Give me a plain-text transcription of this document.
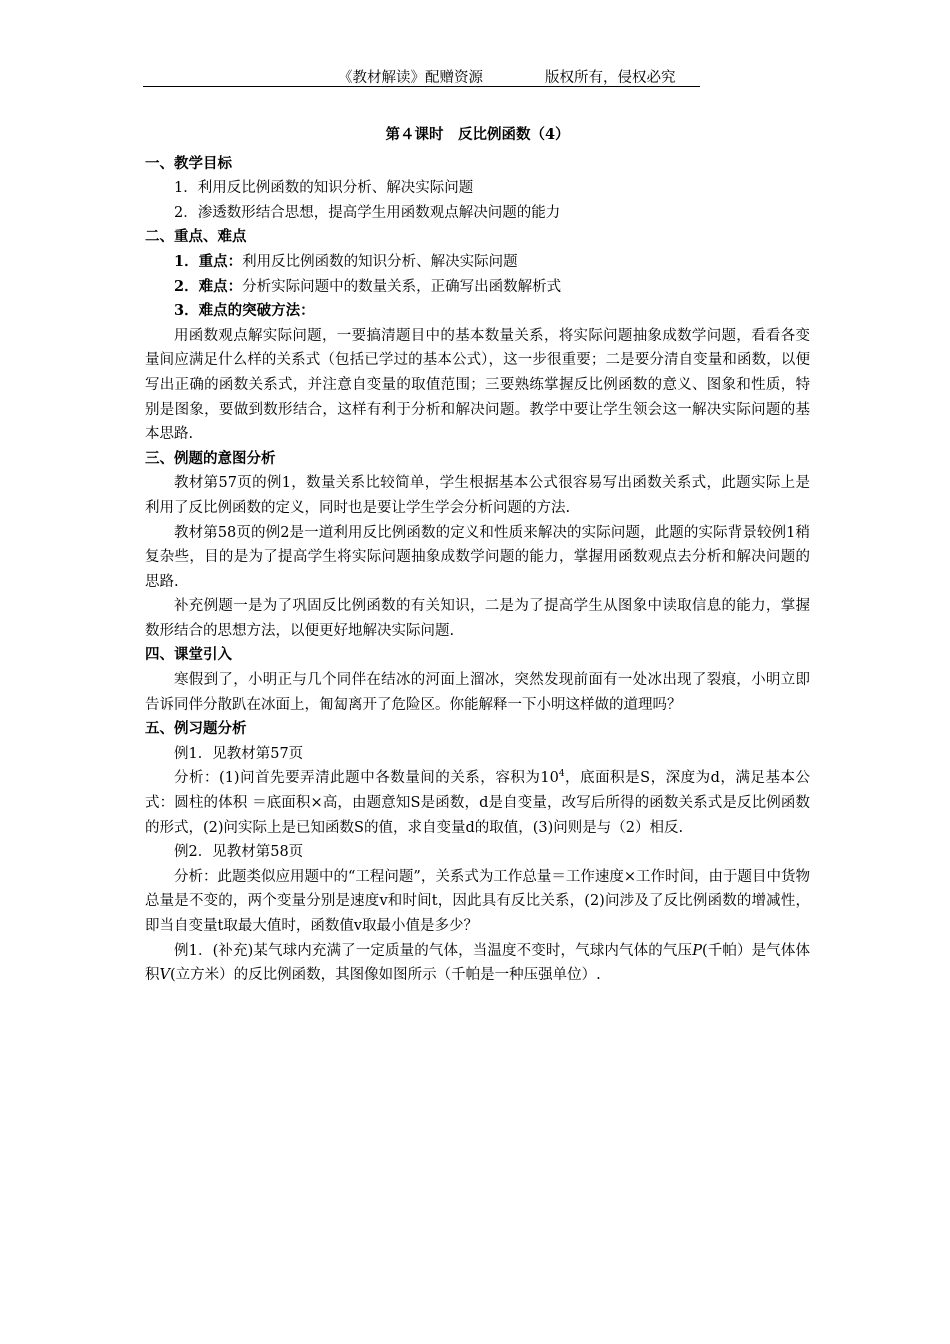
《教材解读》配赠资源	版权所有，侵权必究

第４课时　反比例函数（4）

一、教学目标

1．利用反比例函数的知识分析、解决实际问题

2．渗透数形结合思想，提高学生用函数观点解决问题的能力

二、重点、难点

1．重点：利用反比例函数的知识分析、解决实际问题

2．难点：分析实际问题中的数量关系，正确写出函数解析式

3．难点的突破方法：

用函数观点解实际问题，一要搞清题目中的基本数量关系，将实际问题抽象成数学问题，看看各变量间应满足什么样的关系式（包括已学过的基本公式），这一步很重要；二是要分清自变量和函数，以便写出正确的函数关系式，并注意自变量的取值范围；三要熟练掌握反比例函数的意义、图象和性质，特别是图象，要做到数形结合，这样有利于分析和解决问题。教学中要让学生领会这一解决实际问题的基本思路.

三、例题的意图分析

教材第57页的例1，数量关系比较简单，学生根据基本公式很容易写出函数关系式，此题实际上是利用了反比例函数的定义，同时也是要让学生学会分析问题的方法.

教材第58页的例2是一道利用反比例函数的定义和性质来解决的实际问题，此题的实际背景较例1稍复杂些，目的是为了提高学生将实际问题抽象成数学问题的能力，掌握用函数观点去分析和解决问题的思路.

补充例题一是为了巩固反比例函数的有关知识，二是为了提高学生从图象中读取信息的能力，掌握数形结合的思想方法，以便更好地解决实际问题.

四、课堂引入

寒假到了，小明正与几个同伴在结冰的河面上溜冰，突然发现前面有一处冰出现了裂痕，小明立即告诉同伴分散趴在冰面上，匍匐离开了危险区。你能解释一下小明这样做的道理吗？

五、例习题分析

例1．见教材第57页

分析：(1)问首先要弄清此题中各数量间的关系，容积为$10^4$，底面积是S，深度为d，满足基本公式：圆柱的体积 ＝底面积×高，由题意知S是函数，d是自变量，改写后所得的函数关系式是反比例函数的形式，(2)问实际上是已知函数S的值，求自变量d的取值，(3)问则是与（2）相反.

例2．见教材第58页

分析：此题类似应用题中的“工程问题”，关系式为工作总量＝工作速度×工作时间，由于题目中货物总量是不变的，两个变量分别是速度v和时间t，因此具有反比关系，(2)问涉及了反比例函数的增减性，即当自变量t取最大值时，函数值v取最小值是多少？

例1．(补充)某气球内充满了一定质量的气体，当温度不变时，气球内气体的气压P(千帕）是气体体积V(立方米）的反比例函数，其图像如图所示（千帕是一种压强单位）.
